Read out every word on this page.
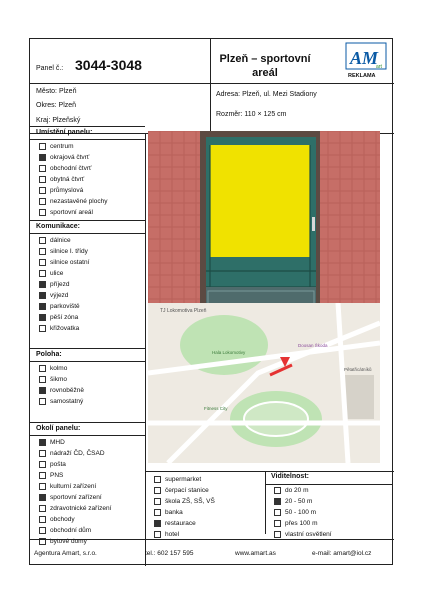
Panel č.: 3044-3048	Plzeň – sportovní
areál
AM
art
REKLAMA
Město: Plzeň
Okres: Plzeň
Kraj: Plzeňský
Adresa: Plzeň, ul. Mezi Stadiony
Rozměr: 110 × 125 cm
Umístění panelu:
centrum
okrajová čtvrť
obchodní čtvrť
obytná čtvrť
průmyslová
nezastavěné plochy
sportovní areál
Komunikace:
dálnice
silnice I. třídy
silnice ostatní
ulice
příjezd
výjezd
parkoviště
pěší zóna
křižovatka
Poloha:
kolmo
šikmo
rovnoběžně
samostatný
Okolí panelu:
MHD
nádraží ČD, ČSAD
pošta
PNS
kulturní zařízení
sportovní zařízení
zdravotnické zařízení
obchody
obchodní dům
bytové domy
TJ Lokomotiva Plzeň
Doosan Škoda
Hala Lokomotivy
Pětatřicátníků
Fitness City
supermarket
čerpací stanice
škola ZŠ, SŠ, VŠ
banka
restaurace
hotel
Viditelnost:
do 20 m
20 - 50 m
50 - 100 m
přes 100 m
vlastní osvětlení
Agentura Amart, s.r.o.	tel.: 602 157 595	www.amart.as	e-mail: amart@iol.cz
